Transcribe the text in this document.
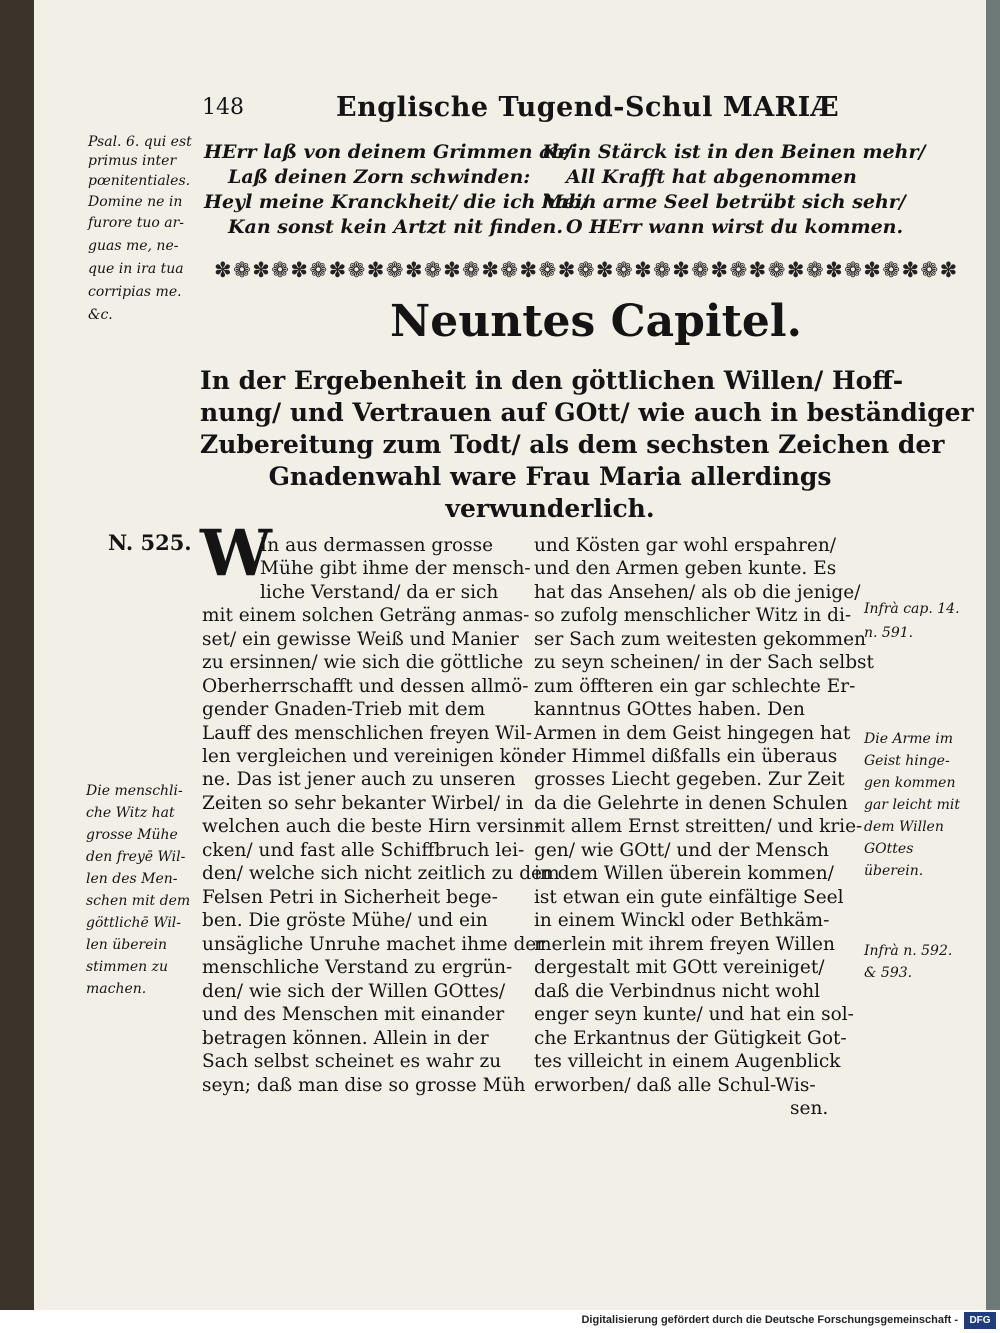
148	Englische Tugend-Schul MARIÆ
Psal. 6. qui est
primus inter
pœnitentiales.
Domine ne in
furore tuo ar-
guas me, ne-
que in ira tua
corripias me.
&c.
HErr laß von deinem Grimmen ab/
Laß deinen Zorn schwinden:
Heyl meine Kranckheit/ die ich hab/
Kan sonst kein Artzt nit finden.
Kein Stärck ist in den Beinen mehr/
All Krafft hat abgenommen
Mein arme Seel betrübt sich sehr/
O HErr wann wirst du kommen.
✽❁✽❁✽❁✽❁✽❁✽❁✽❁✽❁✽❁✽❁✽❁✽❁✽❁✽❁✽❁✽❁✽❁✽❁✽❁✽
Neuntes Capitel.
In der Ergebenheit in den göttlichen Willen/ Hoff-
nung/ und Vertrauen auf GOtt/ wie auch in beständiger
Zubereitung zum Todt/ als dem sechsten Zeichen der
Gnadenwahl ware Frau Maria allerdings
verwunderlich.
N. 525. W
In aus dermassen grosse
Mühe gibt ihme der mensch-
liche Verstand/ da er sich
mit einem solchen Geträng anmas-
set/ ein gewisse Weiß und Manier
zu ersinnen/ wie sich die göttliche
Oberherrschafft und dessen allmö-
gender Gnaden-Trieb mit dem
Lauff des menschlichen freyen Wil-
len vergleichen und vereinigen kön-
ne. Das ist jener auch zu unseren
Zeiten so sehr bekanter Wirbel/ in
welchen auch die beste Hirn versin-
cken/ und fast alle Schiffbruch lei-
den/ welche sich nicht zeitlich zu dem
Felsen Petri in Sicherheit bege-
ben. Die gröste Mühe/ und ein
unsägliche Unruhe machet ihme der
menschliche Verstand zu ergrün-
den/ wie sich der Willen GOttes/
und des Menschen mit einander
betragen können. Allein in der
Sach selbst scheinet es wahr zu
seyn; daß man dise so grosse Müh
und Kösten gar wohl erspahren/
und den Armen geben kunte. Es
hat das Ansehen/ als ob die jenige/
so zufolg menschlicher Witz in di-
ser Sach zum weitesten gekommen
zu seyn scheinen/ in der Sach selbst
zum öffteren ein gar schlechte Er-
kanntnus GOttes haben. Den
Armen in dem Geist hingegen hat
der Himmel dißfalls ein überaus
grosses Liecht gegeben. Zur Zeit
da die Gelehrte in denen Schulen
mit allem Ernst streitten/ und krie-
gen/ wie GOtt/ und der Mensch
in dem Willen überein kommen/
ist etwan ein gute einfältige Seel
in einem Winckl oder Bethkäm-
merlein mit ihrem freyen Willen
dergestalt mit GOtt vereiniget/
daß die Verbindnus nicht wohl
enger seyn kunte/ und hat ein sol-
che Erkantnus der Gütigkeit Got-
tes villeicht in einem Augenblick
erworben/ daß alle Schul-Wis-
sen.
Die menschli-
che Witz hat
grosse Mühe
den freyē Wil-
len des Men-
schen mit dem
göttlichē Wil-
len überein
stimmen zu
machen.
Infrà cap. 14.
n. 591.
Die Arme im
Geist hinge-
gen kommen
gar leicht mit
dem Willen
GOttes
überein.
Infrà n. 592.
& 593.
Digitalisierung gefördert durch die Deutsche Forschungsgemeinschaft -	DFG
